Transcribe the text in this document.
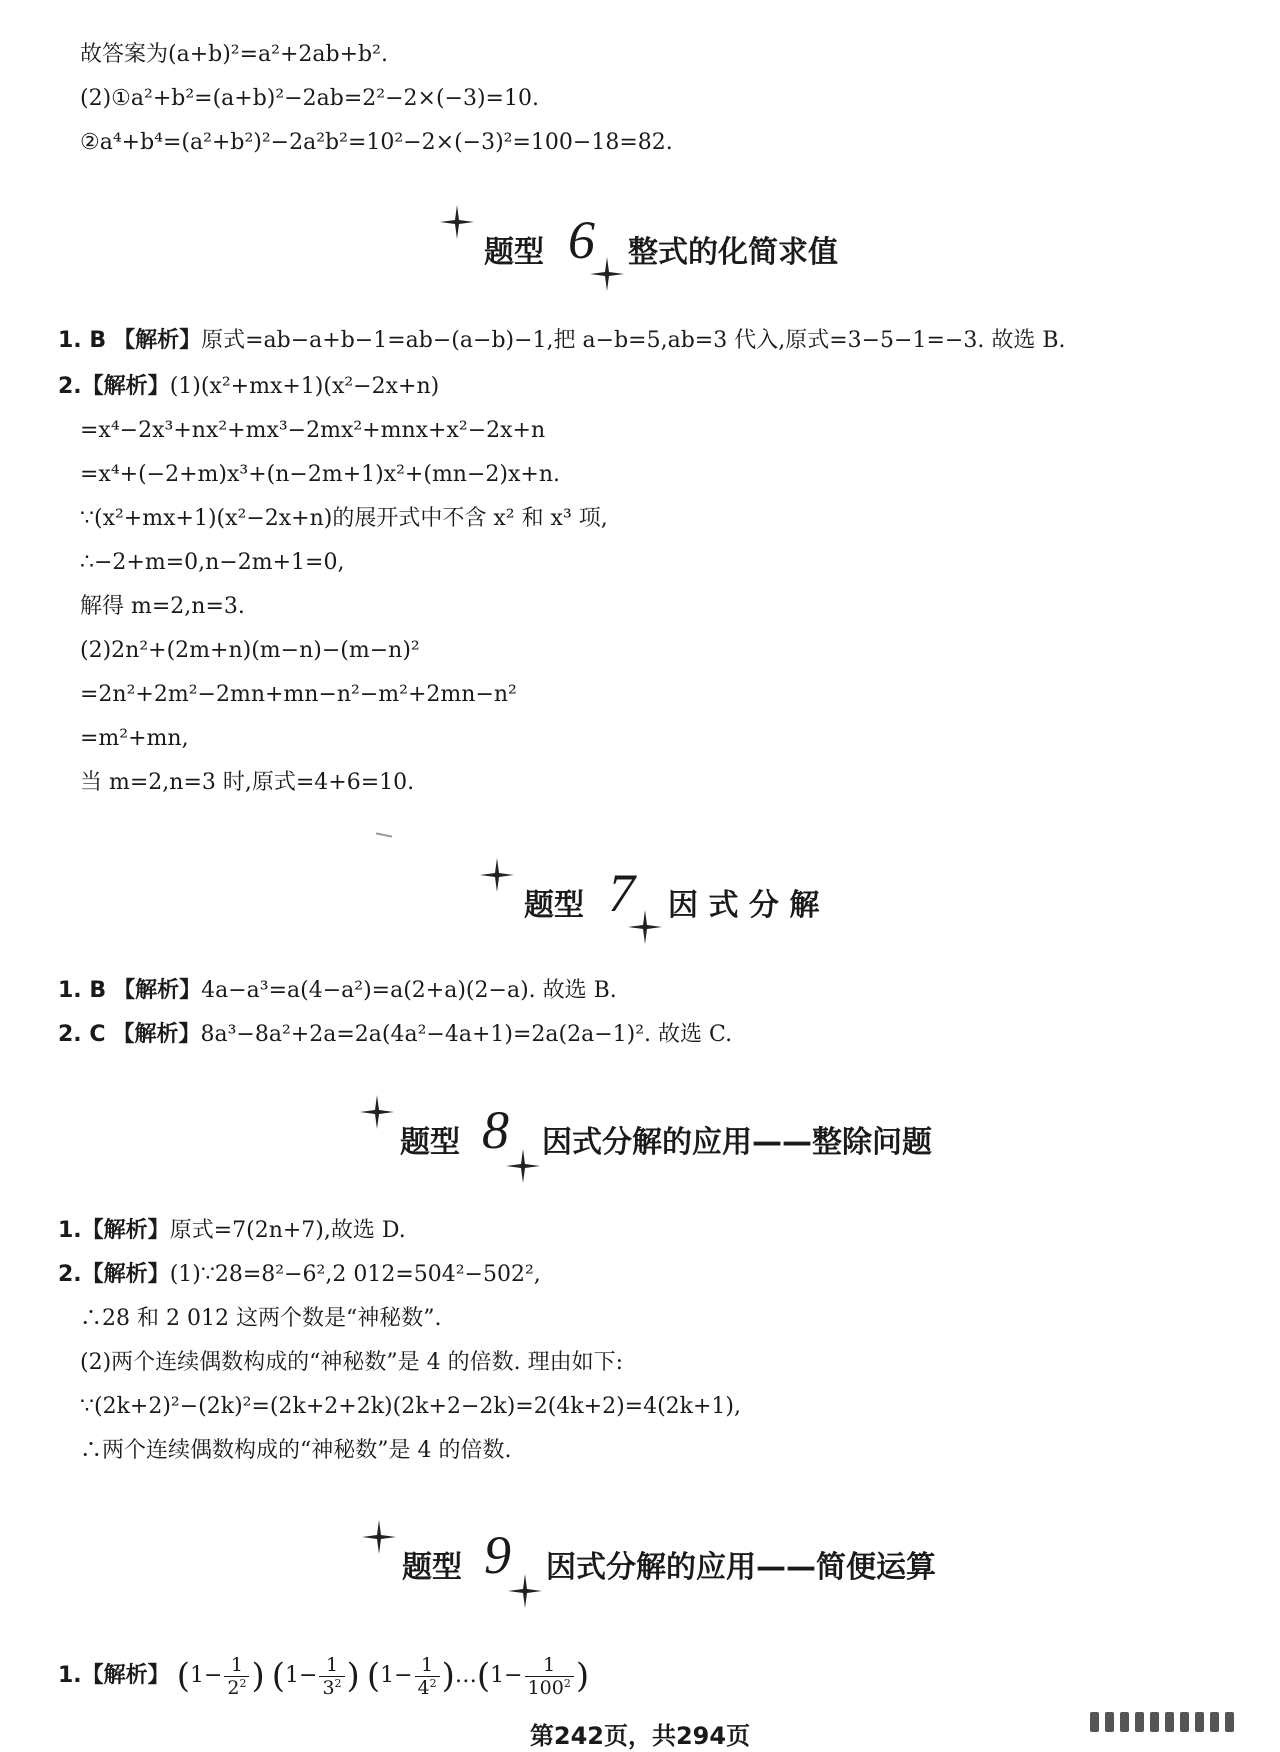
故答案为(a+b)²=a²+2ab+b².
(2)①a²+b²=(a+b)²−2ab=2²−2×(−3)=10.
②a⁴+b⁴=(a²+b²)²−2a²b²=10²−2×(−3)²=100−18=82.
题型 6 整式的化简求值
1. B 【解析】原式=ab−a+b−1=ab−(a−b)−1,把 a−b=5,ab=3 代入,原式=3−5−1=−3. 故选 B.
2.【解析】(1)(x²+mx+1)(x²−2x+n)
=x⁴−2x³+nx²+mx³−2mx²+mnx+x²−2x+n
=x⁴+(−2+m)x³+(n−2m+1)x²+(mn−2)x+n.
∵(x²+mx+1)(x²−2x+n)的展开式中不含 x² 和 x³ 项,
∴−2+m=0,n−2m+1=0,
解得 m=2,n=3.
(2)2n²+(2m+n)(m−n)−(m−n)²
=2n²+2m²−2mn+mn−n²−m²+2mn−n²
=m²+mn,
当 m=2,n=3 时,原式=4+6=10.
题型 7 因 式 分 解
1. B 【解析】4a−a³=a(4−a²)=a(2+a)(2−a). 故选 B.
2. C 【解析】8a³−8a²+2a=2a(4a²−4a+1)=2a(2a−1)². 故选 C.
题型 8 因式分解的应用——整除问题
1.【解析】原式=7(2n+7),故选 D.
2.【解析】(1)∵28=8²−6²,2 012=504²−502²,
∴28 和 2 012 这两个数是“神秘数”.
(2)两个连续偶数构成的“神秘数”是 4 的倍数. 理由如下:
∵(2k+2)²−(2k)²=(2k+2+2k)(2k+2−2k)=2(4k+2)=4(2k+1),
∴两个连续偶数构成的“神秘数”是 4 的倍数.
题型 9 因式分解的应用——简便运算
1.【解析】 ($1- \frac{1}{2^2}$ ) ($1- \frac{1}{3^2}$ ) ($1- \frac{1}{4^2}$ )…(1− $\frac{1}{100^2}$ )
第242页，共294页
